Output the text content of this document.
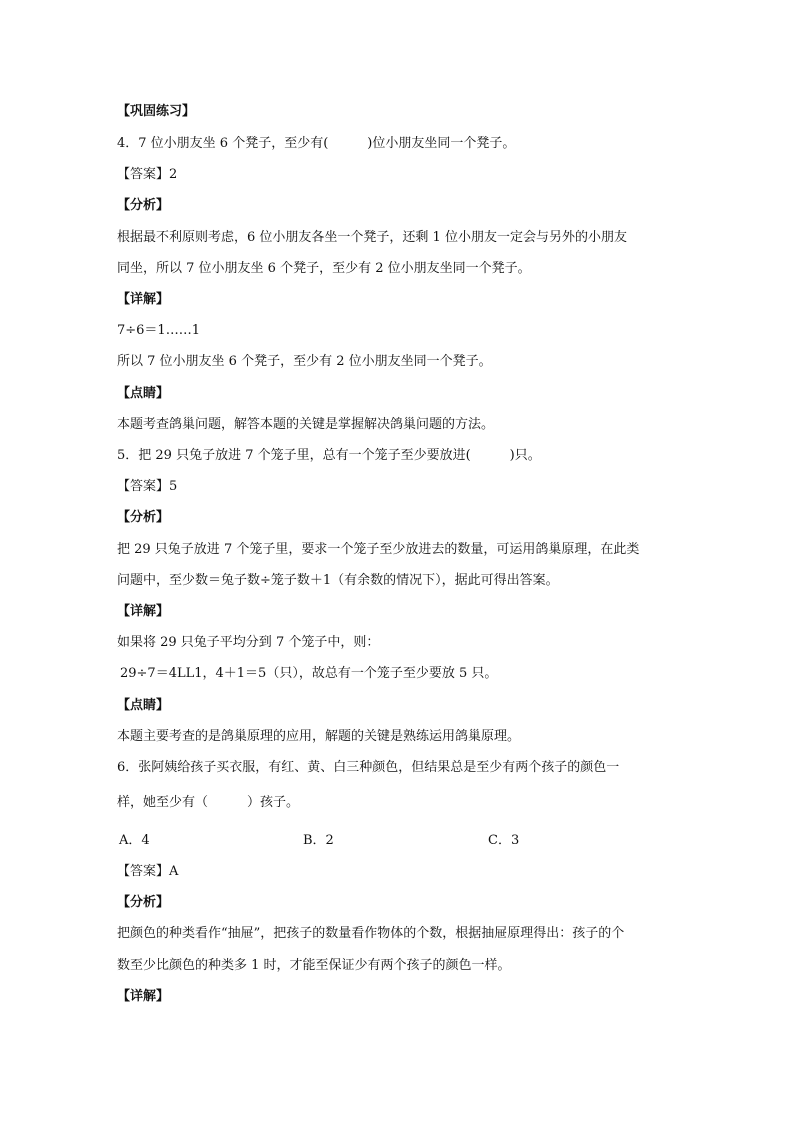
【巩固练习】
4．7 位小朋友坐 6 个凳子，至少有(　　　)位小朋友坐同一个凳子。
【答案】2
【分析】
根据最不利原则考虑，6 位小朋友各坐一个凳子，还剩 1 位小朋友一定会与另外的小朋友
同坐，所以 7 位小朋友坐 6 个凳子，至少有 2 位小朋友坐同一个凳子。
【详解】
7÷6＝1……1
所以 7 位小朋友坐 6 个凳子，至少有 2 位小朋友坐同一个凳子。
【点睛】
本题考查鸽巢问题，解答本题的关键是掌握解决鸽巢问题的方法。
5．把 29 只兔子放进 7 个笼子里，总有一个笼子至少要放进(　　　)只。
【答案】5
【分析】
把 29 只兔子放进 7 个笼子里，要求一个笼子至少放进去的数量，可运用鸽巢原理，在此类
问题中，至少数＝兔子数÷笼子数＋1（有余数的情况下），据此可得出答案。
【详解】
如果将 29 只兔子平均分到 7 个笼子中，则：
29÷7＝4LL1，4＋1＝5（只），故总有一个笼子至少要放 5 只。
【点睛】
本题主要考查的是鸽巢原理的应用，解题的关键是熟练运用鸽巢原理。
6．张阿姨给孩子买衣服，有红、黄、白三种颜色，但结果总是至少有两个孩子的颜色一
样，她至少有（　　　）孩子。
A．4	B．2	C．3
【答案】A
【分析】
把颜色的种类看作“抽屉”，把孩子的数量看作物体的个数，根据抽屉原理得出：孩子的个
数至少比颜色的种类多 1 时，才能至保证少有两个孩子的颜色一样。
【详解】
